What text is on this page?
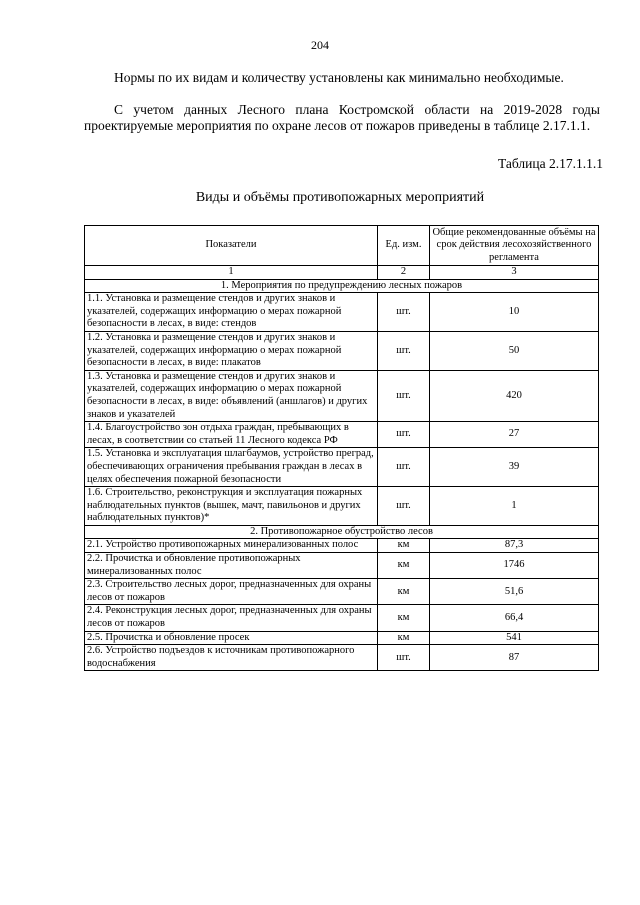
204

Нормы по их видам и количеству установлены как минимально необходимые.

С учетом данных Лесного плана Костромской области на 2019-2028 годы проектируемые мероприятия по охране лесов от пожаров приведены в таблице 2.17.1.1.

Таблица 2.17.1.1.1
Виды и объёмы противопожарных мероприятий
Показатели	Ед. изм.	Общие рекомендованные объёмы на срок действия лесохозяйственного регламента
1	2	3
1. Мероприятия по предупреждению лесных пожаров		
1.1. Установка и размещение стендов и других знаков и указателей, содержащих информацию о мерах пожарной безопасности в лесах, в виде: стендов	шт.	10
1.2. Установка и размещение стендов и других знаков и указателей, содержащих информацию о мерах пожарной безопасности в лесах, в виде: плакатов	шт.	50
1.3. Установка и размещение стендов и других знаков и указателей, содержащих информацию о мерах пожарной безопасности в лесах, в виде: объявлений (аншлагов) и других знаков и указателей	шт.	420
1.4. Благоустройство зон отдыха граждан, пребывающих в лесах, в соответствии со статьей 11 Лесного кодекса РФ	шт.	27
1.5. Установка и эксплуатация шлагбаумов, устройство преград, обеспечивающих ограничения пребывания граждан в лесах в целях обеспечения пожарной безопасности	шт.	39
1.6. Строительство, реконструкция и эксплуатация пожарных наблюдательных пунктов (вышек, мачт, павильонов и других наблюдательных пунктов)*	шт.	1
2. Противопожарное обустройство лесов		
2.1. Устройство противопожарных минерализованных полос	км	87,3
2.2. Прочистка и обновление противопожарных минерализованных полос	км	1746
2.3. Строительство лесных дорог, предназначенных для охраны лесов от пожаров	км	51,6
2.4. Реконструкция лесных дорог, предназначенных для охраны лесов от пожаров	км	66,4
2.5. Прочистка и обновление просек	км	541
2.6. Устройство подъездов к источникам противопожарного водоснабжения	шт.	87
